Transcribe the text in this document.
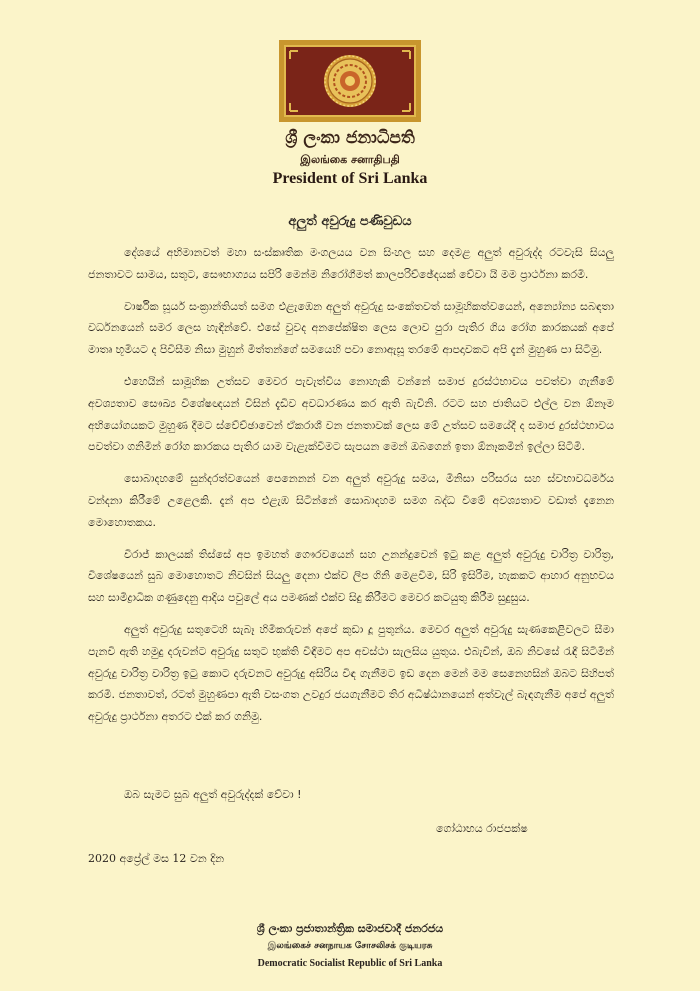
ශ්‍රී ලංකා ජනාධිපති
இலங்கை சனாதிபதி
President of Sri Lanka
අලුත් අවුරුදු පණිවුඩය

දේශයේ අභිමානවත් මහා සංස්කෘතික මංගලයය වන සිංහල සහ දෙමළ අලුත් අවුරුද්ද රටවැසි සියලු ජනතාවට සාමය, සතුට, සෞභාග්‍යය සපිරි මෙන්ම නිරෝගීමත් කාලපරිච්ඡේදයක් වේවා යි මම ප්‍රාර්ථනා කරමි.

වාර්ෂික සූර්ය සංක්‍රාන්තියත් සමග එළැඹෙන අලුත් අවුරුදු සංකේතවත් සාමූහිකත්වයෙන්, අන්‍යෝන්‍ය සබඳතා වර්ධනයෙන් සමර ලෙස හැඳින්වේ. එසේ වුවද අනපේක්ෂිත ලෙස ලොව පුරා පැතිර ගිය රෝග කාරකයක් අපේ මාතෘ භූමියට ද පිවිසීම නිසා මුහුන් මිත්තන්ගේ සමයෙහි පවා නොඇසූ තරමේ ආපදාවකට අපි දැන් මුහුණ පා සිටිමු.

එහෙයින් සාමූහික උත්සව මෙවර පැවැත්විය නොහැකි වන්නේ සමාජ දුරස්ථභාවය පවත්වා ගැනීමේ අවශ්‍යතාව සෞඛ්‍ය විශේෂඥයන් විසින් දැඩිව අවධාරණය කර ඇති බැවිනි. රටට සහ ජාතියට එල්ල වන ඕනෑම අභියෝගයකට මුහුණ දීමට ස්වේච්ඡාවෙන් ඒකරාශී වන ජනතාවක් ලෙස මේ උත්සව සමයේදී ද සමාජ දුරස්ථභාවය පවත්වා ගනිමින් රෝග කාරකය පැතිර යාම වැළැක්වීමට සැපයන මෙන් ඔබගෙන් ඉතා ඕනෑකමින් ඉල්ලා සිටිමි.

සොබාදහමේ සුන්දරත්වයෙන් පෙනෙනන් වන අලුත් අවුරුදු සමය, මිනිසා පරිසරය සහ ස්වභාවධර්මය වන්දනා කිරීමේ උළෙලකි. දැන් අප එළැඹ සිටින්නේ සොබාදහම සමග බද්ධ වීමේ අවශ්‍යතාව වඩාත් දැනෙන මොහොතකය.

විරාජ් කාලයක් තිස්සේ අප ඉමහත් ගෞරවයෙන් සහ උනන්දුවෙන් ඉටු කළ අලුත් අවුරුදු චාරිත්‍ර වාරිත්‍ර, විශේෂයෙන් සුබ මොහොතට නිවසින් සියලු දෙනා එක්ව ලිප ගිනි මෙළවීම, සිරි ඉසිරිම, හැකකට ආහාර අනුභවය සහ සාමිද්‍රාධික ගණුදෙනු ආදිය පවුලේ අය පමණක් එක්ව සිදු කිරීමට මෙවර කටයුතු කිරීම සුදුසුය.

අලුත් අවුරුදු සතුටෙහි සැබෑ හිමිකරුවන් අපේ කුඩා දූ පුතුන්ය. මෙවර අලුත් අවුරුදු සැණකෙළිවලට සීමා පැනවී ඇති හමුදු දරුවන්ට අවුරුදු සතුට භුක්ති විඳීමට අප අවස්ථා සැලසිය යුතුය. එබැවින්, ඔබ නිවසේ රැඳී සිටිමින් අවුරුදු චාරිත්‍ර වාරිත්‍ර ඉටු කොට දරුවනට අවුරුදු අසිරිය විඳ ගැනීමට ඉඩ දෙන මෙන් මම සෙනෙහසින් ඔබට සිහිපත් කරමි. ජනතාවත්, රටත් මුහුණපා ඇති වසංගත උවදුර ජයගැනීමට තිර අධිෂ්ඨානයෙන් අත්වැල් බැඳගැනීම අපේ අලුත් අවුරුදු ප්‍රාර්ථනා අතරට එක් කර ගනිමු.

ඔබ සැමට සුබ අලුත් අවුරුද්දක් වේවා !
ගෝඨාභය රාජපක්ෂ
2020 අප්‍රේල් මස 12 වන දින
ශ්‍රී ලංකා ප්‍රජාතාන්ත්‍රික සමාජවාදී ජනරජය
இலங்கைச் சனநாயக சோசலிசக் குடியரசு
Democratic Socialist Republic of Sri Lanka
